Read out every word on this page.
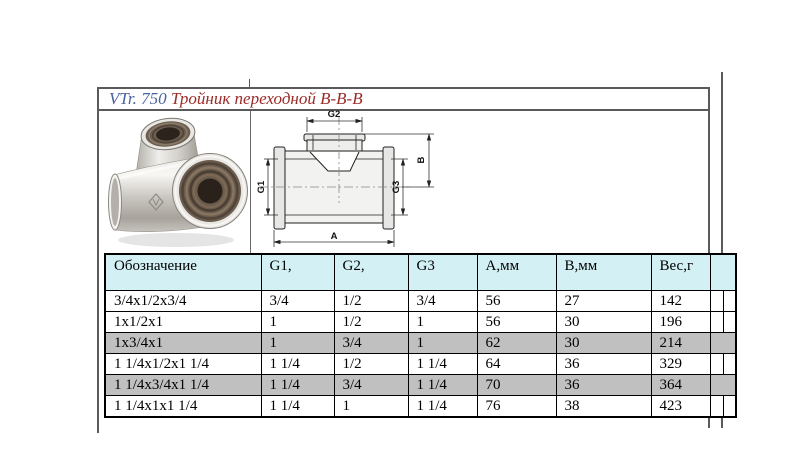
VTr. 750
Тройник переходной В-В-В
G2
A
G1	G3
B
Обозначение	G1,	G2,	G3	А,мм	В,мм	Вес,г		
3/4x1/2x3/4	3/4	1/2	3/4	56	27	142		
1x1/2x1	1	1/2	1	56	30	196		
1x3/4x1	1	3/4	1	62	30	214		
1 1/4x1/2x1 1/4	1 1/4	1/2	1 1/4	64	36	329		
1 1/4x3/4x1 1/4	1 1/4	3/4	1 1/4	70	36	364		
1 1/4x1x1 1/4	1 1/4	1	1 1/4	76	38	423		
